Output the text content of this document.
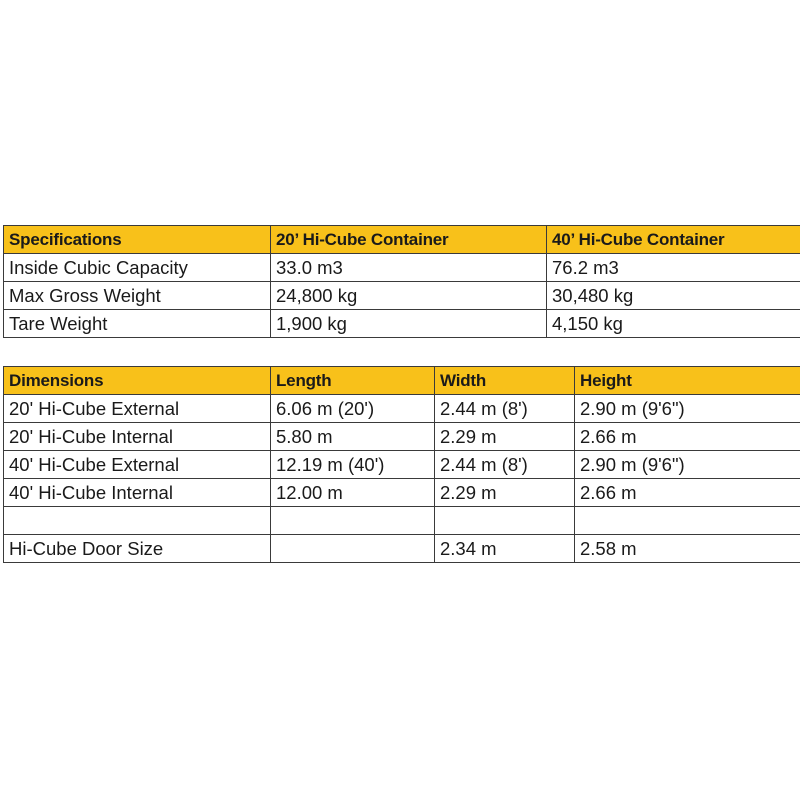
Specifications	20’ Hi-Cube Container	40’ Hi-Cube Container
Inside Cubic Capacity	33.0 m3	76.2 m3
Max Gross Weight	24,800 kg	30,480 kg
Tare Weight	1,900 kg	4,150 kg
Dimensions	Length	Width	Height
20' Hi-Cube External	6.06 m (20')	2.44 m (8')	2.90 m (9'6")
20' Hi-Cube Internal	5.80 m	2.29 m	2.66 m
40' Hi-Cube External	12.19 m (40')	2.44 m (8')	2.90 m (9'6")
40' Hi-Cube Internal	12.00 m	2.29 m	2.66 m

Hi-Cube Door Size		2.34 m	2.58 m
